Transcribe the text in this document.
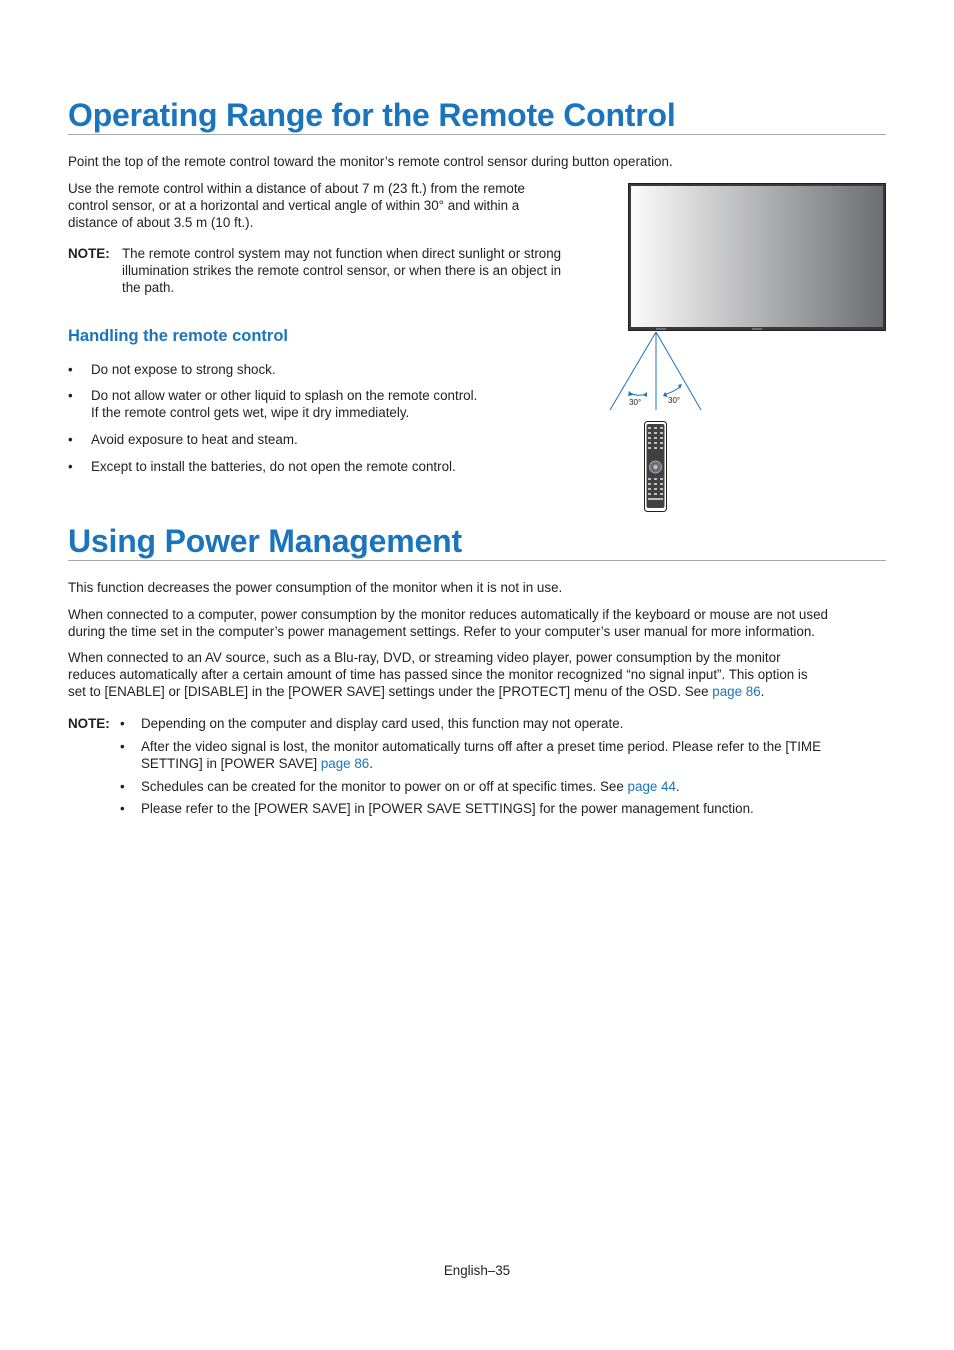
Operating Range for the Remote Control

Point the top of the remote control toward the monitor’s remote control sensor during button operation.

Use the remote control within a distance of about 7 m (23 ft.) from the remote
control sensor, or at a horizontal and vertical angle of within 30° and within a
distance of about 3.5 m (10 ft.).
NOTE: The remote control system may not function when direct sunlight or strong
illumination strikes the remote control sensor, or when there is an object in
the path.
Handling the remote control
• Do not expose to strong shock.
• Do not allow water or other liquid to splash on the remote control.
If the remote control gets wet, wipe it dry immediately.
• Avoid exposure to heat and steam.
• Except to install the batteries, do not open the remote control.
30°	30°
Using Power Management

This function decreases the power consumption of the monitor when it is not in use.

When connected to a computer, power consumption by the monitor reduces automatically if the keyboard or mouse are not used
during the time set in the computer’s power management settings. Refer to your computer’s user manual for more information.
When connected to an AV source, such as a Blu-ray, DVD, or streaming video player, power consumption by the monitor
reduces automatically after a certain amount of time has passed since the monitor recognized “no signal input”. This option is
set to [ENABLE] or [DISABLE] in the [POWER SAVE] settings under the [PROTECT] menu of the OSD. See page 86.
NOTE: • Depending on the computer and display card used, this function may not operate.
• After the video signal is lost, the monitor automatically turns off after a preset time period. Please refer to the [TIME
SETTING] in [POWER SAVE] page 86.
• Schedules can be created for the monitor to power on or off at specific times. See page 44.
• Please refer to the [POWER SAVE] in [POWER SAVE SETTINGS] for the power management function.
English–35
